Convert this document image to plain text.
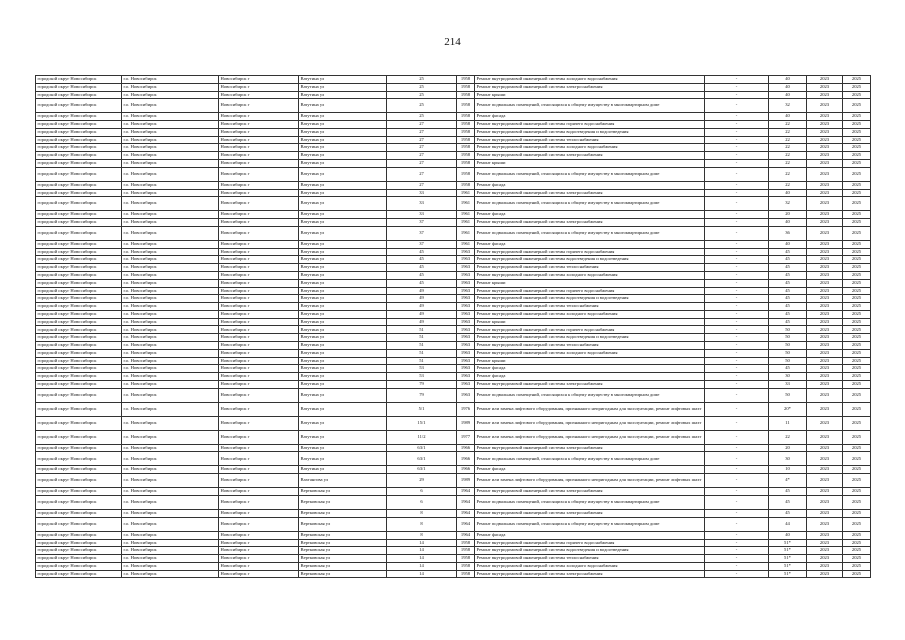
214
городской округ Новосибирск	г.о. Новосибирск	Новосибирск г	Ватутина ул	25	1958	Ремонт внутридомовой инженерной системы холодного водоснабжения	-	40	2023	2025
городской округ Новосибирск	г.о. Новосибирск	Новосибирск г	Ватутина ул	25	1958	Ремонт внутридомовой инженерной системы электроснабжения	-	40	2023	2025
городской округ Новосибирск	г.о. Новосибирск	Новосибирск г	Ватутина ул	25	1958	Ремонт крыши	-	40	2023	2025
городской округ Новосибирск	г.о. Новосибирск	Новосибирск г	Ватутина ул	25	1958	Ремонт подвальных помещений, относящихся к общему имуществу в многоквартирном доме	-	32	2023	2025
городской округ Новосибирск	г.о. Новосибирск	Новосибирск г	Ватутина ул	25	1958	Ремонт фасада	-	40	2023	2025
городской округ Новосибирск	г.о. Новосибирск	Новосибирск г	Ватутина ул	27	1958	Ремонт внутридомовой инженерной системы горячего водоснабжения	-	22	2023	2025
городской округ Новосибирск	г.о. Новосибирск	Новосибирск г	Ватутина ул	27	1958	Ремонт внутридомовой инженерной системы водоотведения и водоотведения	-	22	2023	2025
городской округ Новосибирск	г.о. Новосибирск	Новосибирск г	Ватутина ул	27	1958	Ремонт внутридомовой инженерной системы теплоснабжения	-	22	2023	2025
городской округ Новосибирск	г.о. Новосибирск	Новосибирск г	Ватутина ул	27	1958	Ремонт внутридомовой инженерной системы холодного водоснабжения	-	22	2023	2025
городской округ Новосибирск	г.о. Новосибирск	Новосибирск г	Ватутина ул	27	1958	Ремонт внутридомовой инженерной системы электроснабжения	-	22	2023	2025
городской округ Новосибирск	г.о. Новосибирск	Новосибирск г	Ватутина ул	27	1958	Ремонт крыши	-	22	2023	2025
городской округ Новосибирск	г.о. Новосибирск	Новосибирск г	Ватутина ул	27	1958	Ремонт подвальных помещений, относящихся к общему имуществу в многоквартирном доме	-	22	2023	2025
городской округ Новосибирск	г.о. Новосибирск	Новосибирск г	Ватутина ул	27	1958	Ремонт фасада	-	22	2023	2025
городской округ Новосибирск	г.о. Новосибирск	Новосибирск г	Ватутина ул	33	1961	Ремонт внутридомовой инженерной системы электроснабжения	-	40	2023	2025
городской округ Новосибирск	г.о. Новосибирск	Новосибирск г	Ватутина ул	33	1961	Ремонт подвальных помещений, относящихся к общему имуществу в многоквартирном доме	-	32	2023	2025
городской округ Новосибирск	г.о. Новосибирск	Новосибирск г	Ватутина ул	33	1961	Ремонт фасада	-	20	2023	2025
городской округ Новосибирск	г.о. Новосибирск	Новосибирск г	Ватутина ул	37	1961	Ремонт внутридомовой инженерной системы электроснабжения	-	40	2023	2025
городской округ Новосибирск	г.о. Новосибирск	Новосибирск г	Ватутина ул	37	1961	Ремонт подвальных помещений, относящихся к общему имуществу в многоквартирном доме	-	36	2023	2025
городской округ Новосибирск	г.о. Новосибирск	Новосибирск г	Ватутина ул	37	1961	Ремонт фасада	-	40	2023	2025
городской округ Новосибирск	г.о. Новосибирск	Новосибирск г	Ватутина ул	45	1963	Ремонт внутридомовой инженерной системы горячего водоснабжения	-	45	2023	2025
городской округ Новосибирск	г.о. Новосибирск	Новосибирск г	Ватутина ул	45	1963	Ремонт внутридомовой инженерной системы водоотведения и водоотведения	-	45	2023	2025
городской округ Новосибирск	г.о. Новосибирск	Новосибирск г	Ватутина ул	45	1963	Ремонт внутридомовой инженерной системы теплоснабжения	-	45	2023	2025
городской округ Новосибирск	г.о. Новосибирск	Новосибирск г	Ватутина ул	45	1963	Ремонт внутридомовой инженерной системы холодного водоснабжения	-	45	2023	2025
городской округ Новосибирск	г.о. Новосибирск	Новосибирск г	Ватутина ул	45	1963	Ремонт крыши	-	45	2023	2025
городской округ Новосибирск	г.о. Новосибирск	Новосибирск г	Ватутина ул	49	1963	Ремонт внутридомовой инженерной системы горячего водоснабжения	-	45	2023	2025
городской округ Новосибирск	г.о. Новосибирск	Новосибирск г	Ватутина ул	49	1963	Ремонт внутридомовой инженерной системы водоотведения и водоотведения	-	45	2023	2025
городской округ Новосибирск	г.о. Новосибирск	Новосибирск г	Ватутина ул	49	1963	Ремонт внутридомовой инженерной системы теплоснабжения	-	45	2023	2025
городской округ Новосибирск	г.о. Новосибирск	Новосибирск г	Ватутина ул	49	1963	Ремонт внутридомовой инженерной системы холодного водоснабжения	-	45	2023	2025
городской округ Новосибирск	г.о. Новосибирск	Новосибирск г	Ватутина ул	49	1963	Ремонт крыши	-	45	2023	2025
городской округ Новосибирск	г.о. Новосибирск	Новосибирск г	Ватутина ул	51	1963	Ремонт внутридомовой инженерной системы горячего водоснабжения	-	50	2023	2025
городской округ Новосибирск	г.о. Новосибирск	Новосибирск г	Ватутина ул	51	1963	Ремонт внутридомовой инженерной системы водоотведения и водоотведения	-	50	2023	2025
городской округ Новосибирск	г.о. Новосибирск	Новосибирск г	Ватутина ул	51	1963	Ремонт внутридомовой инженерной системы теплоснабжения	-	50	2023	2025
городской округ Новосибирск	г.о. Новосибирск	Новосибирск г	Ватутина ул	51	1963	Ремонт внутридомовой инженерной системы холодного водоснабжения	-	50	2023	2025
городской округ Новосибирск	г.о. Новосибирск	Новосибирск г	Ватутина ул	51	1963	Ремонт крыши	-	50	2023	2025
городской округ Новосибирск	г.о. Новосибирск	Новосибирск г	Ватутина ул	53	1963	Ремонт фасада	-	45	2023	2025
городской округ Новосибирск	г.о. Новосибирск	Новосибирск г	Ватутина ул	53	1963	Ремонт фасада	-	30	2023	2025
городской округ Новосибирск	г.о. Новосибирск	Новосибирск г	Ватутина ул	79	1963	Ремонт внутридомовой инженерной системы электроснабжения	-	33	2023	2025
городской округ Новосибирск	г.о. Новосибирск	Новосибирск г	Ватутина ул	79	1963	Ремонт подвальных помещений, относящихся к общему имуществу в многоквартирном доме	-	50	2023	2025
городской округ Новосибирск	г.о. Новосибирск	Новосибирск г	Ватутина ул	5/1	1976	Ремонт или замена лифтового оборудования, признанного непригодным для эксплуатации, ремонт лифтовых шахт	-	20*	2023	2025
городской округ Новосибирск	г.о. Новосибирск	Новосибирск г	Ватутина ул	15/1	1989	Ремонт или замена лифтового оборудования, признанного непригодным для эксплуатации, ремонт лифтовых шахт	-	11	2023	2025
городской округ Новосибирск	г.о. Новосибирск	Новосибирск г	Ватутина ул	11/2	1977	Ремонт или замена лифтового оборудования, признанного непригодным для эксплуатации, ремонт лифтовых шахт	-	22	2023	2025
городской округ Новосибирск	г.о. Новосибирск	Новосибирск г	Ватутина ул	63/1	1966	Ремонт внутридомовой инженерной системы электроснабжения	-	20	2023	2025
городской округ Новосибирск	г.о. Новосибирск	Новосибирск г	Ватутина ул	63/1	1966	Ремонт подвальных помещений, относящихся к общему имуществу в многоквартирном доме	-	30	2023	2025
городской округ Новосибирск	г.о. Новосибирск	Новосибирск г	Ватутина ул	63/1	1966	Ремонт фасада	-	10	2023	2025
городской округ Новосибирск	г.о. Новосибирск	Новосибирск г	Вахтангова ул	29	1989	Ремонт или замена лифтового оборудования, признанного непригодным для эксплуатации, ремонт лифтовых шахт	-	4*	2023	2025
городской округ Новосибирск	г.о. Новосибирск	Новосибирск г	Вертковская ул	6	1964	Ремонт внутридомовой инженерной системы электроснабжения	-	45	2023	2025
городской округ Новосибирск	г.о. Новосибирск	Новосибирск г	Вертковская ул	6	1964	Ремонт подвальных помещений, относящихся к общему имуществу в многоквартирном доме	-	45	2023	2025
городской округ Новосибирск	г.о. Новосибирск	Новосибирск г	Вертковская ул	8	1964	Ремонт внутридомовой инженерной системы электроснабжения	-	45	2023	2025
городской округ Новосибирск	г.о. Новосибирск	Новосибирск г	Вертковская ул	8	1964	Ремонт подвальных помещений, относящихся к общему имуществу в многоквартирном доме	-	44	2023	2025
городской округ Новосибирск	г.о. Новосибирск	Новосибирск г	Вертковская ул	8	1964	Ремонт фасада	-	40	2023	2025
городской округ Новосибирск	г.о. Новосибирск	Новосибирск г	Вертковская ул	14	1958	Ремонт внутридомовой инженерной системы горячего водоснабжения	-	51*	2023	2025
городской округ Новосибирск	г.о. Новосибирск	Новосибирск г	Вертковская ул	14	1958	Ремонт внутридомовой инженерной системы водоотведения и водоотведения	-	51*	2023	2025
городской округ Новосибирск	г.о. Новосибирск	Новосибирск г	Вертковская ул	14	1958	Ремонт внутридомовой инженерной системы теплоснабжения	-	51*	2023	2025
городской округ Новосибирск	г.о. Новосибирск	Новосибирск г	Вертковская ул	14	1958	Ремонт внутридомовой инженерной системы холодного водоснабжения	-	51*	2023	2025
городской округ Новосибирск	г.о. Новосибирск	Новосибирск г	Вертковская ул	14	1958	Ремонт внутридомовой инженерной системы электроснабжения	-	51*	2023	2025
